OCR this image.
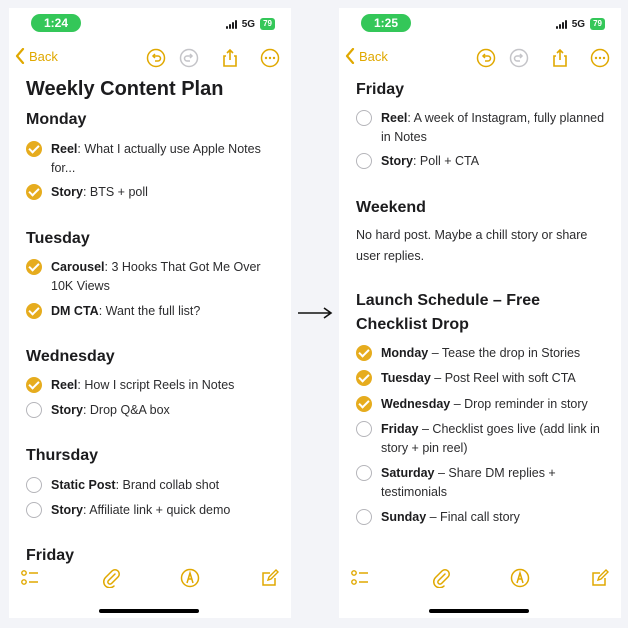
1:24	5G	79
Back
Weekly Content Plan
Monday
Reel: What I actually use Apple Notes for...
Story: BTS + poll
Tuesday
Carousel: 3 Hooks That Got Me Over 10K Views
DM CTA: Want the full list?
Wednesday
Reel: How I script Reels in Notes
Story: Drop Q&A box
Thursday
Static Post: Brand collab shot
Story: Affiliate link + quick demo
Friday
1:25	5G	79
Back
Friday
Reel: A week of Instagram, fully planned in Notes
Story: Poll + CTA
Weekend
No hard post. Maybe a chill story or share user replies.
Launch Schedule – Free Checklist Drop
Monday – Tease the drop in Stories
Tuesday – Post Reel with soft CTA
Wednesday – Drop reminder in story
Friday – Checklist goes live (add link in story + pin reel)
Saturday – Share DM replies + testimonials
Sunday – Final call story
